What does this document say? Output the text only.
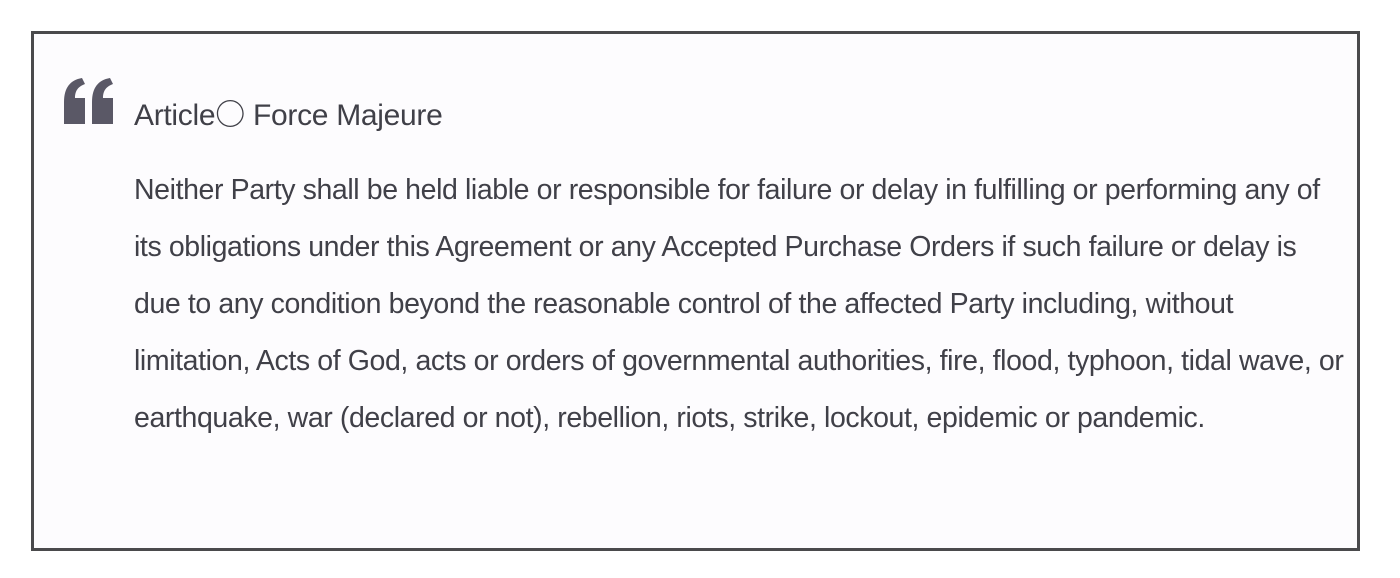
Article〇 Force Majeure

Neither Party shall be held liable or responsible for failure or delay in fulfilling or performing any of its obligations under this Agreement or any Accepted Purchase Orders if such failure or delay is due to any condition beyond the reasonable control of the affected Party including, without limitation, Acts of God, acts or orders of governmental authorities, fire, flood, typhoon, tidal wave, or earthquake, war (declared or not), rebellion, riots, strike, lockout, epidemic or pandemic.
